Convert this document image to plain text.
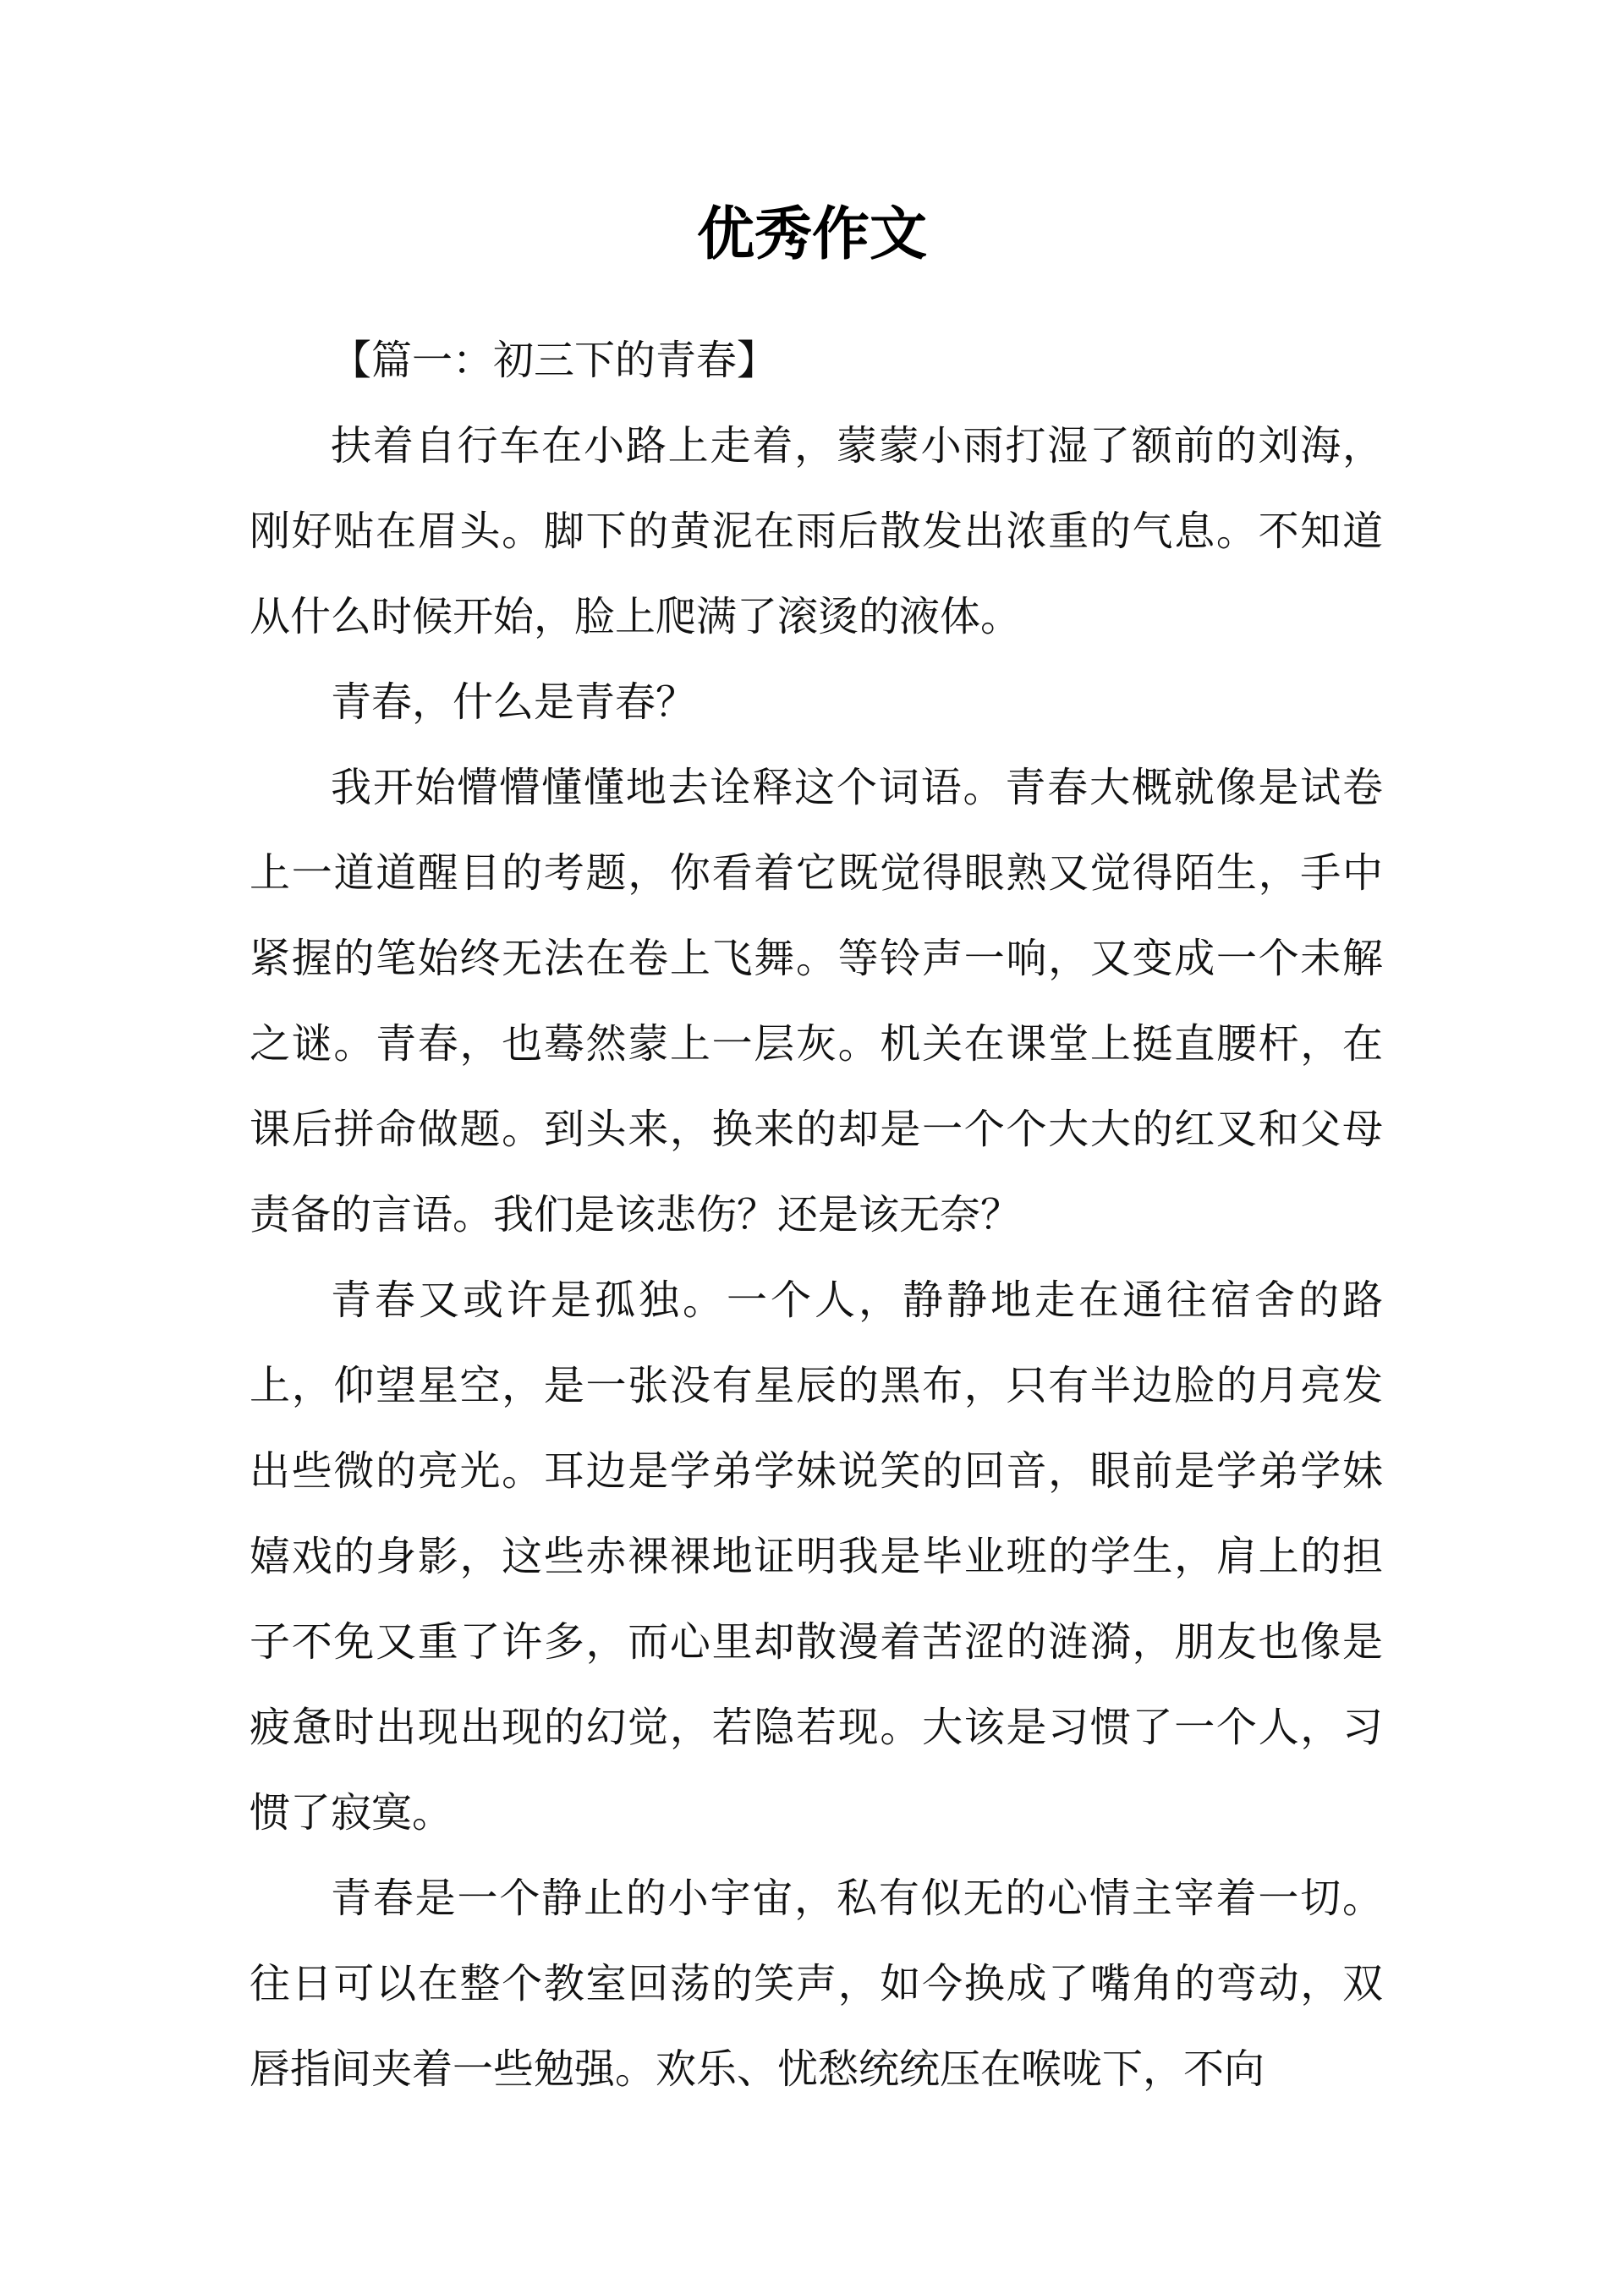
优秀作文

【篇一：初三下的青春】

扶着自行车在小路上走着，蒙蒙小雨打湿了额前的刘海，刚好贴在眉头。脚下的黄泥在雨后散发出浓重的气息。不知道从什么时候开始，脸上爬满了滚烫的液体。

青春，什么是青春？

我开始懵懵懂懂地去诠释这个词语。青春大概就像是试卷上一道道醒目的考题，你看着它既觉得眼熟又觉得陌生，手中紧握的笔始终无法在卷上飞舞。等铃声一响，又变成一个未解之谜。青春，也蓦然蒙上一层灰。机关在课堂上挺直腰杆，在课后拼命做题。到头来，换来的却是一个个大大的红叉和父母责备的言语。我们是该悲伤？还是该无奈？

青春又或许是孤独。一个人，静静地走在通往宿舍的路上，仰望星空，是一张没有星辰的黑布，只有半边脸的月亮发出些微的亮光。耳边是学弟学妹说笑的回音，眼前是学弟学妹嬉戏的身影，这些赤裸裸地证明我是毕业班的学生，肩上的担子不免又重了许多，而心里却散漫着苦涩的涟漪，朋友也像是疲惫时出现出现的幻觉，若隐若现。大该是习惯了一个人，习惯了寂寞。

青春是一个静止的小宇宙，私有似无的心情主宰着一切。往日可以在整个教室回荡的笑声，如今换成了嘴角的弯动，双唇指间夹着一些勉强。欢乐、忧愁统统压在喉咙下，不向
